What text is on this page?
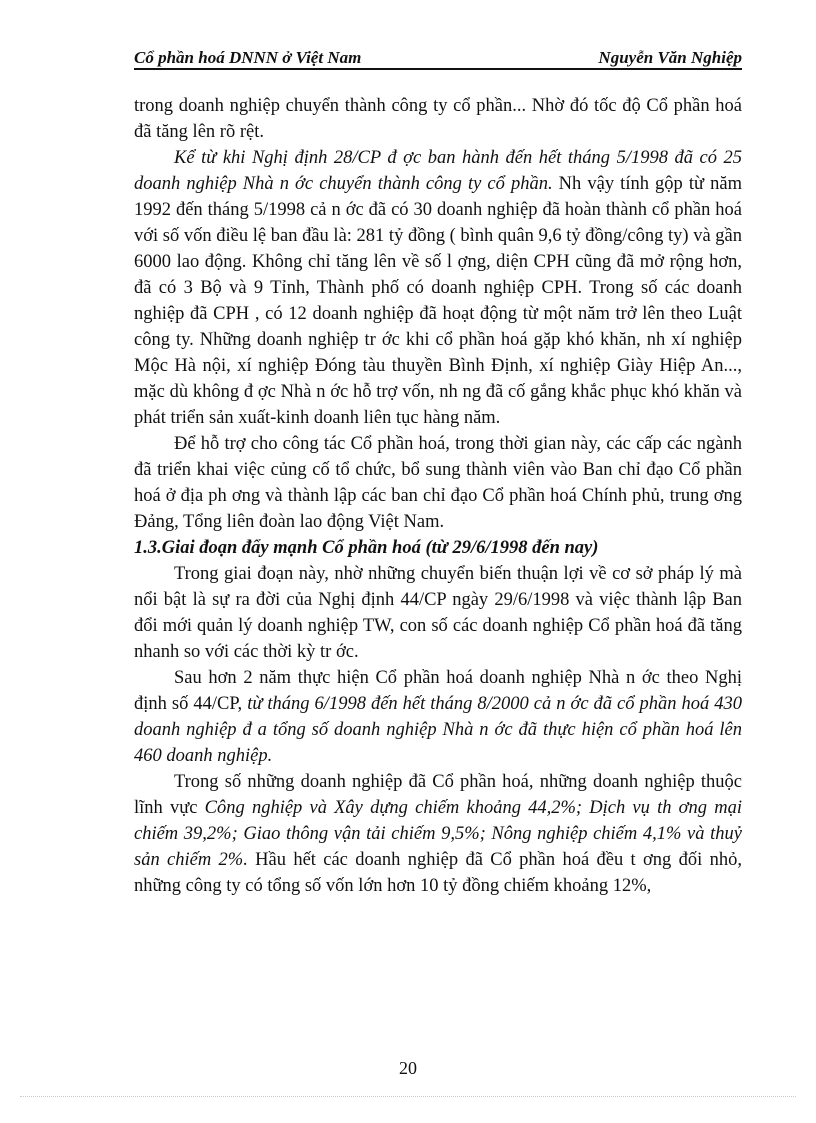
Cổ phần hoá DNNN ở Việt Nam	Nguyễn Văn Nghiệp

trong doanh nghiệp chuyển thành công ty cổ phần... Nhờ đó tốc độ Cổ phần hoá đã tăng lên rõ rệt.

Kể từ khi Nghị định 28/CP đ ợc ban hành đến hết tháng 5/1998 đã có 25 doanh nghiệp Nhà n ớc chuyển thành công ty cổ phần. Nh vậy tính gộp từ năm 1992 đến tháng 5/1998 cả n ớc đã có 30 doanh nghiệp đã hoàn thành cổ phần hoá với số vốn điều lệ ban đầu là: 281 tỷ đồng ( bình quân 9,6 tỷ đồng/công ty) và gần 6000 lao động. Không chỉ tăng lên về số l ợng, diện CPH cũng đã mở rộng hơn, đã có 3 Bộ và 9 Tỉnh, Thành phố có doanh nghiệp CPH. Trong số các doanh nghiệp đã CPH , có 12 doanh nghiệp đã hoạt động từ một năm trở lên theo Luật công ty. Những doanh nghiệp tr ớc khi cổ phần hoá gặp khó khăn, nh xí nghiệp Mộc Hà nội, xí nghiệp Đóng tàu thuyền Bình Định, xí nghiệp Giày Hiệp An..., mặc dù không đ ợc Nhà n ớc hỗ trợ vốn, nh ng đã cố gắng khắc phục khó khăn và phát triển sản xuất-kinh doanh liên tục hàng năm.

Để hỗ trợ cho công tác Cổ phần hoá, trong thời gian này, các cấp các ngành đã triển khai việc củng cố tổ chức, bổ sung thành viên vào Ban chỉ đạo Cổ phần hoá ở địa ph ơng và thành lập các ban chỉ đạo Cổ phần hoá Chính phủ, trung ơng Đảng, Tổng liên đoàn lao động Việt Nam.

1.3.Giai đoạn đẩy mạnh Cổ phần hoá (từ 29/6/1998 đến nay)

Trong giai đoạn này, nhờ những chuyển biến thuận lợi về cơ sở pháp lý mà nổi bật là sự ra đời của Nghị định 44/CP ngày 29/6/1998 và việc thành lập Ban đổi mới quản lý doanh nghiệp TW, con số các doanh nghiệp Cổ phần hoá đã tăng nhanh so với các thời kỳ tr ớc.

Sau hơn 2 năm thực hiện Cổ phần hoá doanh nghiệp Nhà n ớc theo Nghị định số 44/CP, từ tháng 6/1998 đến hết tháng 8/2000 cả n ớc đã cổ phần hoá 430 doanh nghiệp đ a tổng số doanh nghiệp Nhà n ớc đã thực hiện cổ phần hoá lên 460 doanh nghiệp.

Trong số những doanh nghiệp đã Cổ phần hoá, những doanh nghiệp thuộc lĩnh vực Công nghiệp và Xây dựng chiếm khoảng 44,2%; Dịch vụ th ơng mại chiếm 39,2%; Giao thông vận tải chiếm 9,5%; Nông nghiệp chiếm 4,1% và thuỷ sản chiếm 2%. Hầu hết các doanh nghiệp đã Cổ phần hoá đều t ơng đối nhỏ, những công ty có tổng số vốn lớn hơn 10 tỷ đồng chiếm khoảng 12%,

20
